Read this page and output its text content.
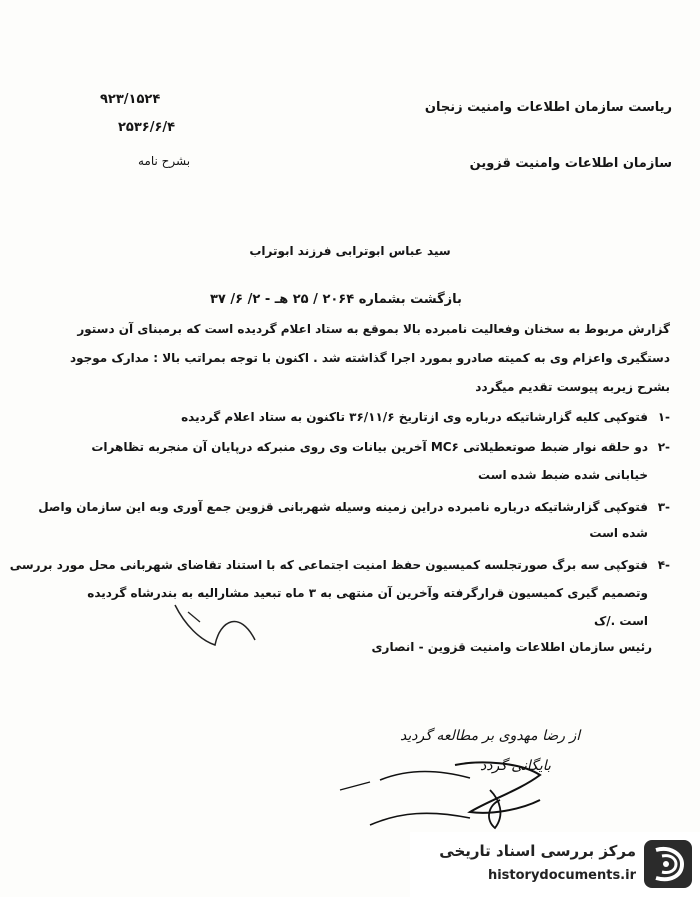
۹۲۳/۱۵۲۴
۲۵۳۶/۶/۴
بشرح نامه
ریاست سازمان اطلاعات وامنیت زنجان
سازمان اطلاعات وامنیت قزوین
سید عباس ابوترابی فرزند ابوتراب
بازگشت بشماره ۲۰۶۴ / ۲۵ هـ - ۲/ ۶/ ۳۷
گزارش مربوط به سخنان وفعالیت نامبرده بالا بموقع به ستاد اعلام گردیده است که برمبنای آن دستور
دستگیری واعزام وی به کمیته صادرو بمورد اجرا گذاشته شد . اکنون با توجه بمراتب بالا : مدارک موجود
بشرح زیربه پیوست تقدیم میگردد
۱-
فتوکپی کلیه گزارشاتیکه درباره وی ازتاریخ ۳۶/۱۱/۶ تاکنون به ستاد اعلام گردیده
۲-
دو حلقه نوار ضبط صوتعطیلاتی MC۶ آخرین بیانات وی روی منبرکه درپایان آن منجربه تظاهرات
خیابانی شده ضبط شده است
۳-
فتوکپی گزارشاتیکه درباره نامبرده دراین زمینه وسیله شهربانی قزوین جمع آوری وبه این سازمان واصل
شده است
۴-
فتوکپی سه برگ صورتجلسه کمیسیون حفظ امنیت اجتماعی که با استناد تقاضای شهربانی محل مورد بررسی
وتصمیم گیری کمیسیون قرارگرفته وآخرین آن منتهی به ۳ ماه تبعید مشارالیه به بندرشاه گردیده
است ./ک
رئیس سازمان اطلاعات وامنیت قزوین - انصاری
از رضا مهدوی بر مطالعه گردید
بایگانی گردد
مرکز بررسی اسناد تاریخی
historydocuments.ir
